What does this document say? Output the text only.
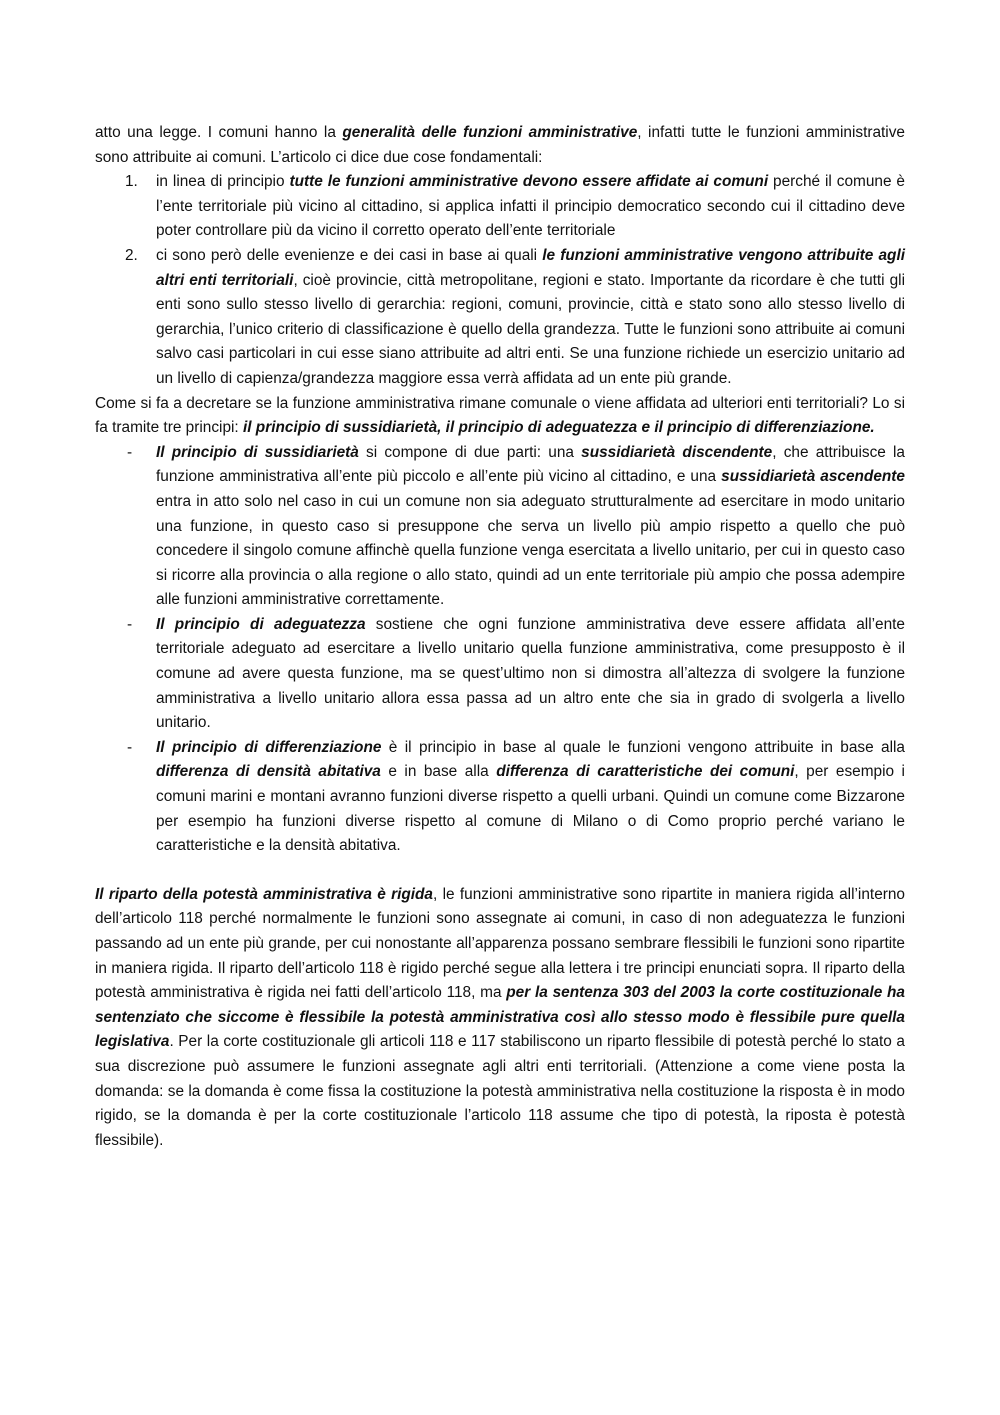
atto una legge. I comuni hanno la generalità delle funzioni amministrative, infatti tutte le funzioni amministrative sono attribuite ai comuni. L’articolo ci dice due cose fondamentali:

1.	in linea di principio tutte le funzioni amministrative devono essere affidate ai comuni perché il comune è l’ente territoriale più vicino al cittadino, si applica infatti il principio democratico secondo cui il cittadino deve poter controllare più da vicino il corretto operato dell’ente territoriale
2.	ci sono però delle evenienze e dei casi in base ai quali le funzioni amministrative vengono attribuite agli altri enti territoriali, cioè provincie, città metropolitane, regioni e stato. Importante da ricordare è che tutti gli enti sono sullo stesso livello di gerarchia: regioni, comuni, provincie, città e stato sono allo stesso livello di gerarchia, l’unico criterio di classificazione è quello della grandezza. Tutte le funzioni sono attribuite ai comuni salvo casi particolari in cui esse siano attribuite ad altri enti. Se una funzione richiede un esercizio unitario ad un livello di capienza/grandezza maggiore essa verrà affidata ad un ente più grande.

Come si fa a decretare se la funzione amministrativa rimane comunale o viene affidata ad ulteriori enti territoriali? Lo si fa tramite tre principi: il principio di sussidiarietà, il principio di adeguatezza e il principio di differenziazione.

-	Il principio di sussidiarietà si compone di due parti: una sussidiarietà discendente, che attribuisce la funzione amministrativa all’ente più piccolo e all’ente più vicino al cittadino, e una sussidiarietà ascendente entra in atto solo nel caso in cui un comune non sia adeguato strutturalmente ad esercitare in modo unitario una funzione, in questo caso si presuppone che serva un livello più ampio rispetto a quello che può concedere il singolo comune affinchè quella funzione venga esercitata a livello unitario, per cui in questo caso si ricorre alla provincia o alla regione o allo stato, quindi ad un ente territoriale più ampio che possa adempire alle funzioni amministrative correttamente.
-	Il principio di adeguatezza sostiene che ogni funzione amministrativa deve essere affidata all’ente territoriale adeguato ad esercitare a livello unitario quella funzione amministrativa, come presupposto è il comune ad avere questa funzione, ma se quest’ultimo non si dimostra all’altezza di svolgere la funzione amministrativa a livello unitario allora essa passa ad un altro ente che sia in grado di svolgerla a livello unitario.
-	Il principio di differenziazione è il principio in base al quale le funzioni vengono attribuite in base alla differenza di densità abitativa e in base alla differenza di caratteristiche dei comuni, per esempio i comuni marini e montani avranno funzioni diverse rispetto a quelli urbani. Quindi un comune come Bizzarone per esempio ha funzioni diverse rispetto al comune di Milano o di Como proprio perché variano le caratteristiche e la densità abitativa.

Il riparto della potestà amministrativa è rigida, le funzioni amministrative sono ripartite in maniera rigida all’interno dell’articolo 118 perché normalmente le funzioni sono assegnate ai comuni, in caso di non adeguatezza le funzioni passando ad un ente più grande, per cui nonostante all’apparenza possano sembrare flessibili le funzioni sono ripartite in maniera rigida. Il riparto dell’articolo 118 è rigido perché segue alla lettera i tre principi enunciati sopra. Il riparto della potestà amministrativa è rigida nei fatti dell’articolo 118, ma per la sentenza 303 del 2003 la corte costituzionale ha sentenziato che siccome è flessibile la potestà amministrativa così allo stesso modo è flessibile pure quella legislativa. Per la corte costituzionale gli articoli 118 e 117 stabiliscono un riparto flessibile di potestà perché lo stato a sua discrezione può assumere le funzioni assegnate agli altri enti territoriali. (Attenzione a come viene posta la domanda: se la domanda è come fissa la costituzione la potestà amministrativa nella costituzione la risposta è in modo rigido, se la domanda è per la corte costituzionale l’articolo 118 assume che tipo di potestà, la riposta è potestà flessibile).
